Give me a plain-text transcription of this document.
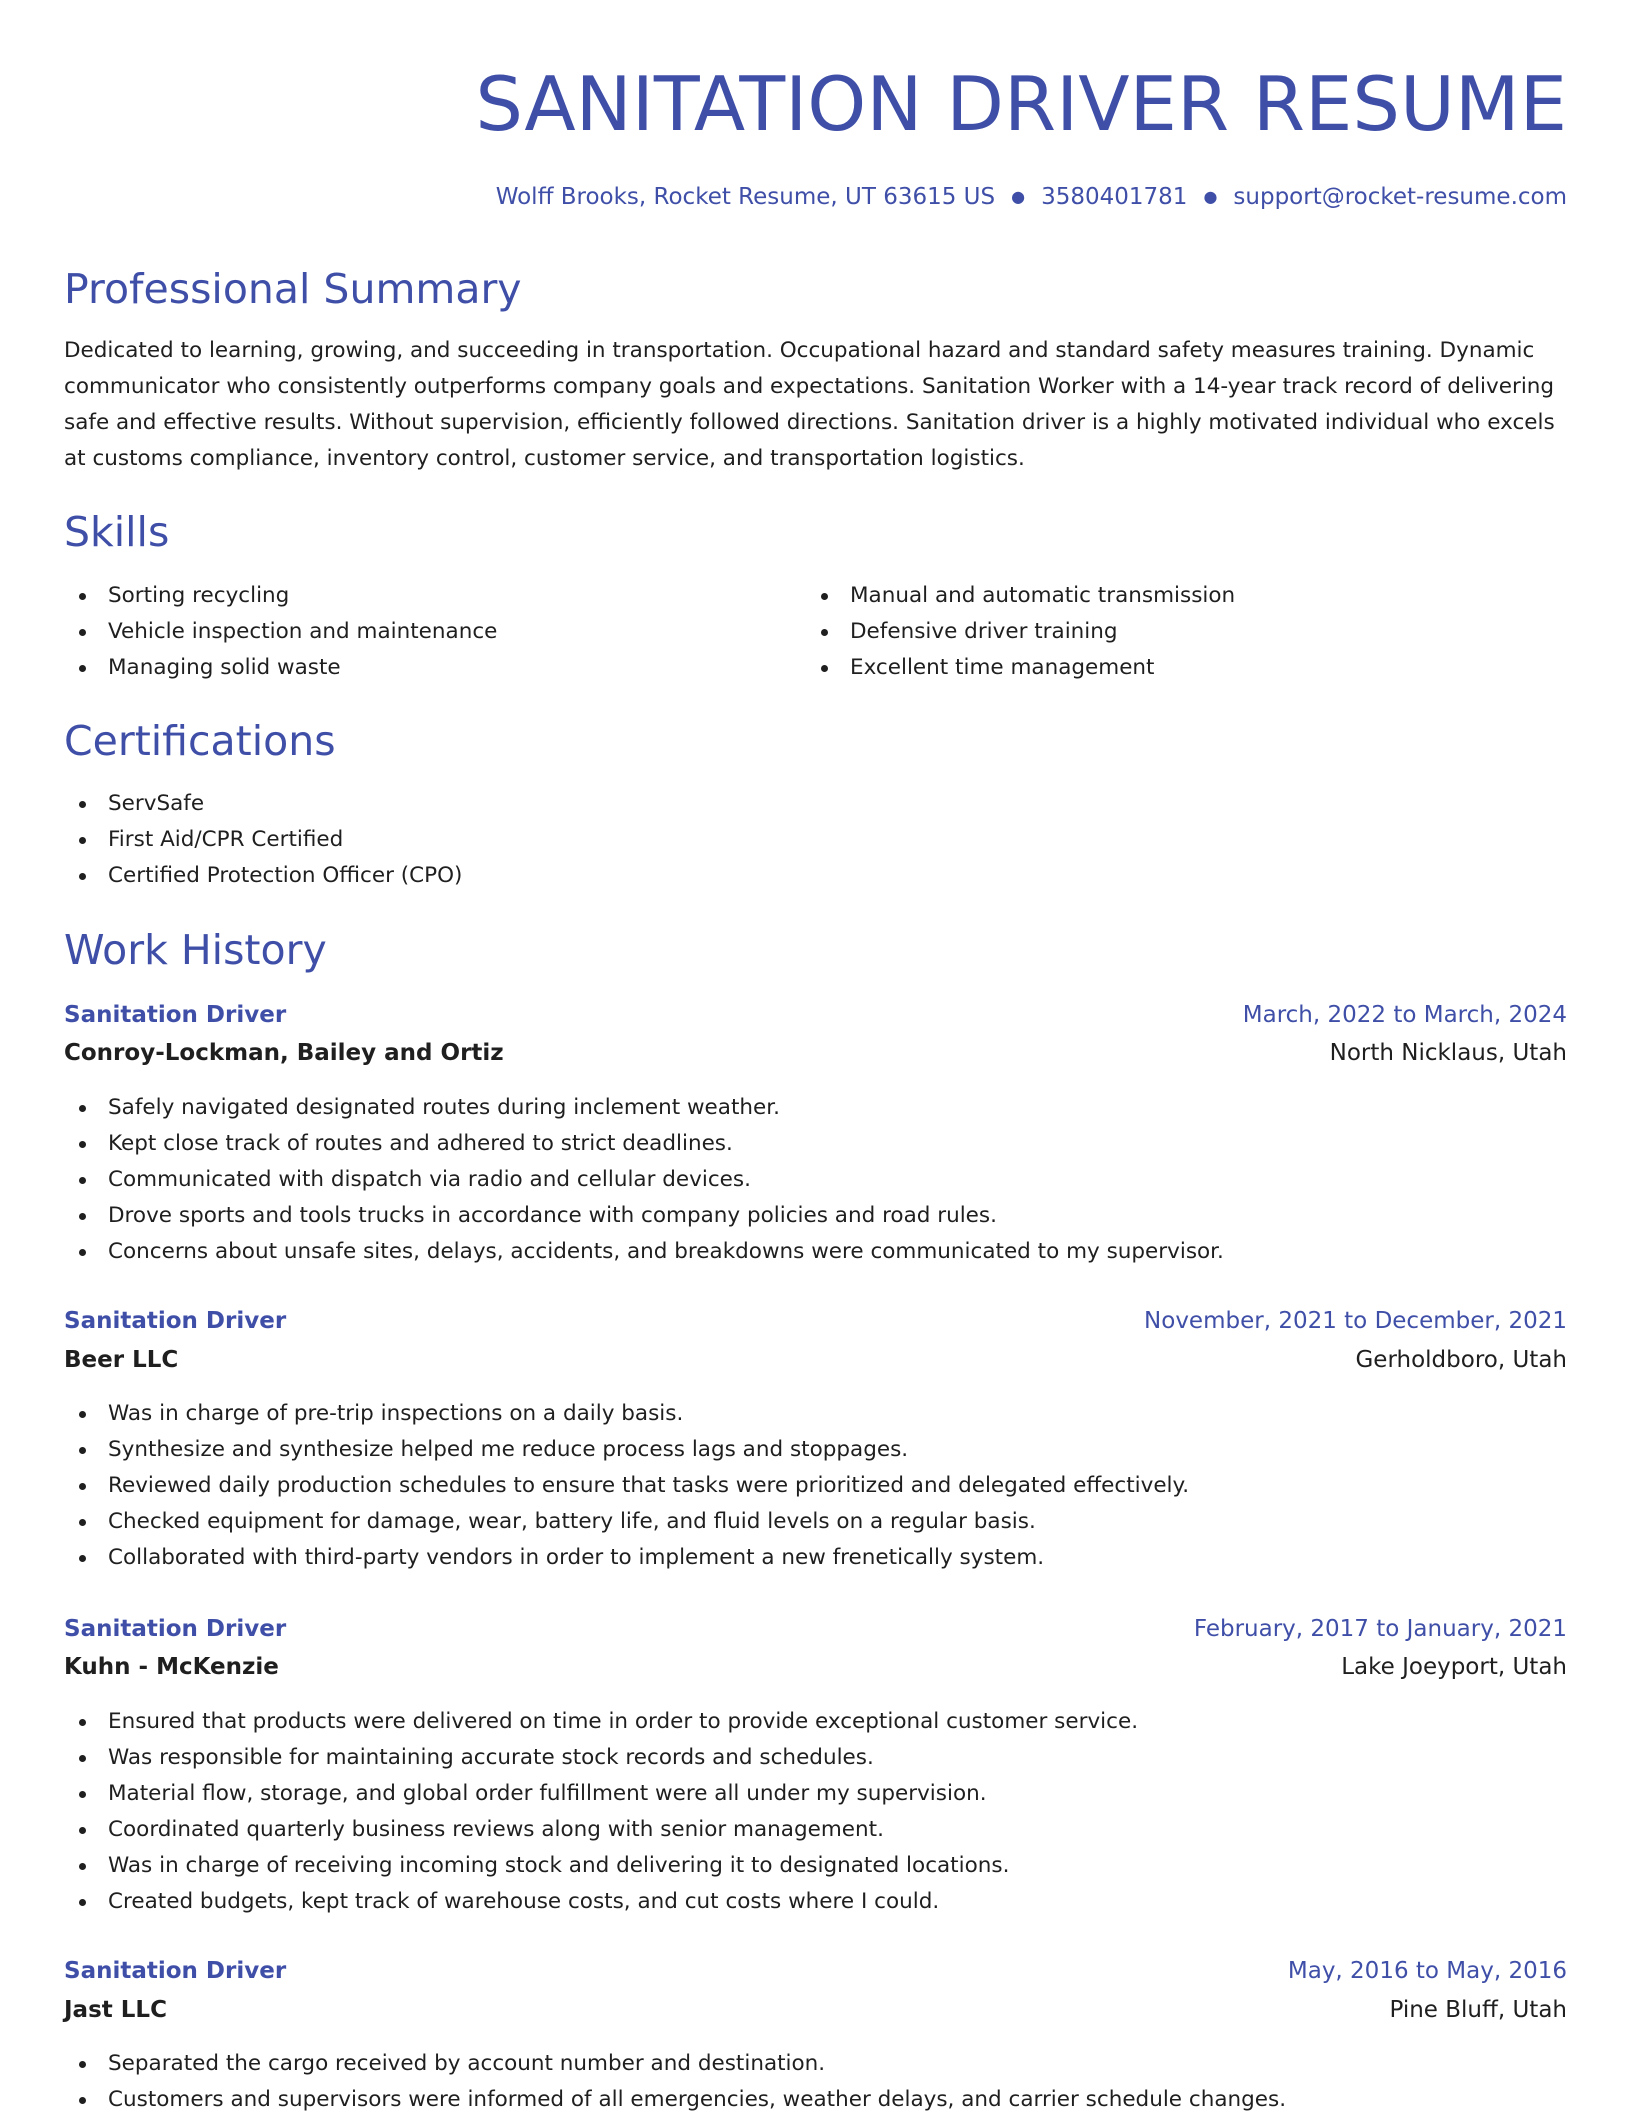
SANITATION DRIVER RESUME
Wolff Brooks, Rocket Resume, UT 63615 US ● 3580401781 ● support@rocket-resume.com
Professional Summary

Dedicated to learning, growing, and succeeding in transportation. Occupational hazard and standard safety measures training. Dynamic communicator who consistently outperforms company goals and expectations. Sanitation Worker with a 14-year track record of delivering safe and effective results. Without supervision, efficiently followed directions. Sanitation driver is a highly motivated individual who excels at customs compliance, inventory control, customer service, and transportation logistics.

Skills
Sorting recycling
Vehicle inspection and maintenance
Managing solid waste
Manual and automatic transmission
Defensive driver training
Excellent time management
Certifications
ServSafe
First Aid/CPR Certified
Certified Protection Officer (CPO)
Work History
Sanitation Driver	March, 2022 to March, 2024
Conroy-Lockman, Bailey and Ortiz	North Nicklaus, Utah
Safely navigated designated routes during inclement weather.
Kept close track of routes and adhered to strict deadlines.
Communicated with dispatch via radio and cellular devices.
Drove sports and tools trucks in accordance with company policies and road rules.
Concerns about unsafe sites, delays, accidents, and breakdowns were communicated to my supervisor.
Sanitation Driver	November, 2021 to December, 2021
Beer LLC	Gerholdboro, Utah
Was in charge of pre-trip inspections on a daily basis.
Synthesize and synthesize helped me reduce process lags and stoppages.
Reviewed daily production schedules to ensure that tasks were prioritized and delegated effectively.
Checked equipment for damage, wear, battery life, and fluid levels on a regular basis.
Collaborated with third-party vendors in order to implement a new frenetically system.
Sanitation Driver	February, 2017 to January, 2021
Kuhn - McKenzie	Lake Joeyport, Utah
Ensured that products were delivered on time in order to provide exceptional customer service.
Was responsible for maintaining accurate stock records and schedules.
Material flow, storage, and global order fulfillment were all under my supervision.
Coordinated quarterly business reviews along with senior management.
Was in charge of receiving incoming stock and delivering it to designated locations.
Created budgets, kept track of warehouse costs, and cut costs where I could.
Sanitation Driver	May, 2016 to May, 2016
Jast LLC	Pine Bluff, Utah
Separated the cargo received by account number and destination.
Customers and supervisors were informed of all emergencies, weather delays, and carrier schedule changes.
